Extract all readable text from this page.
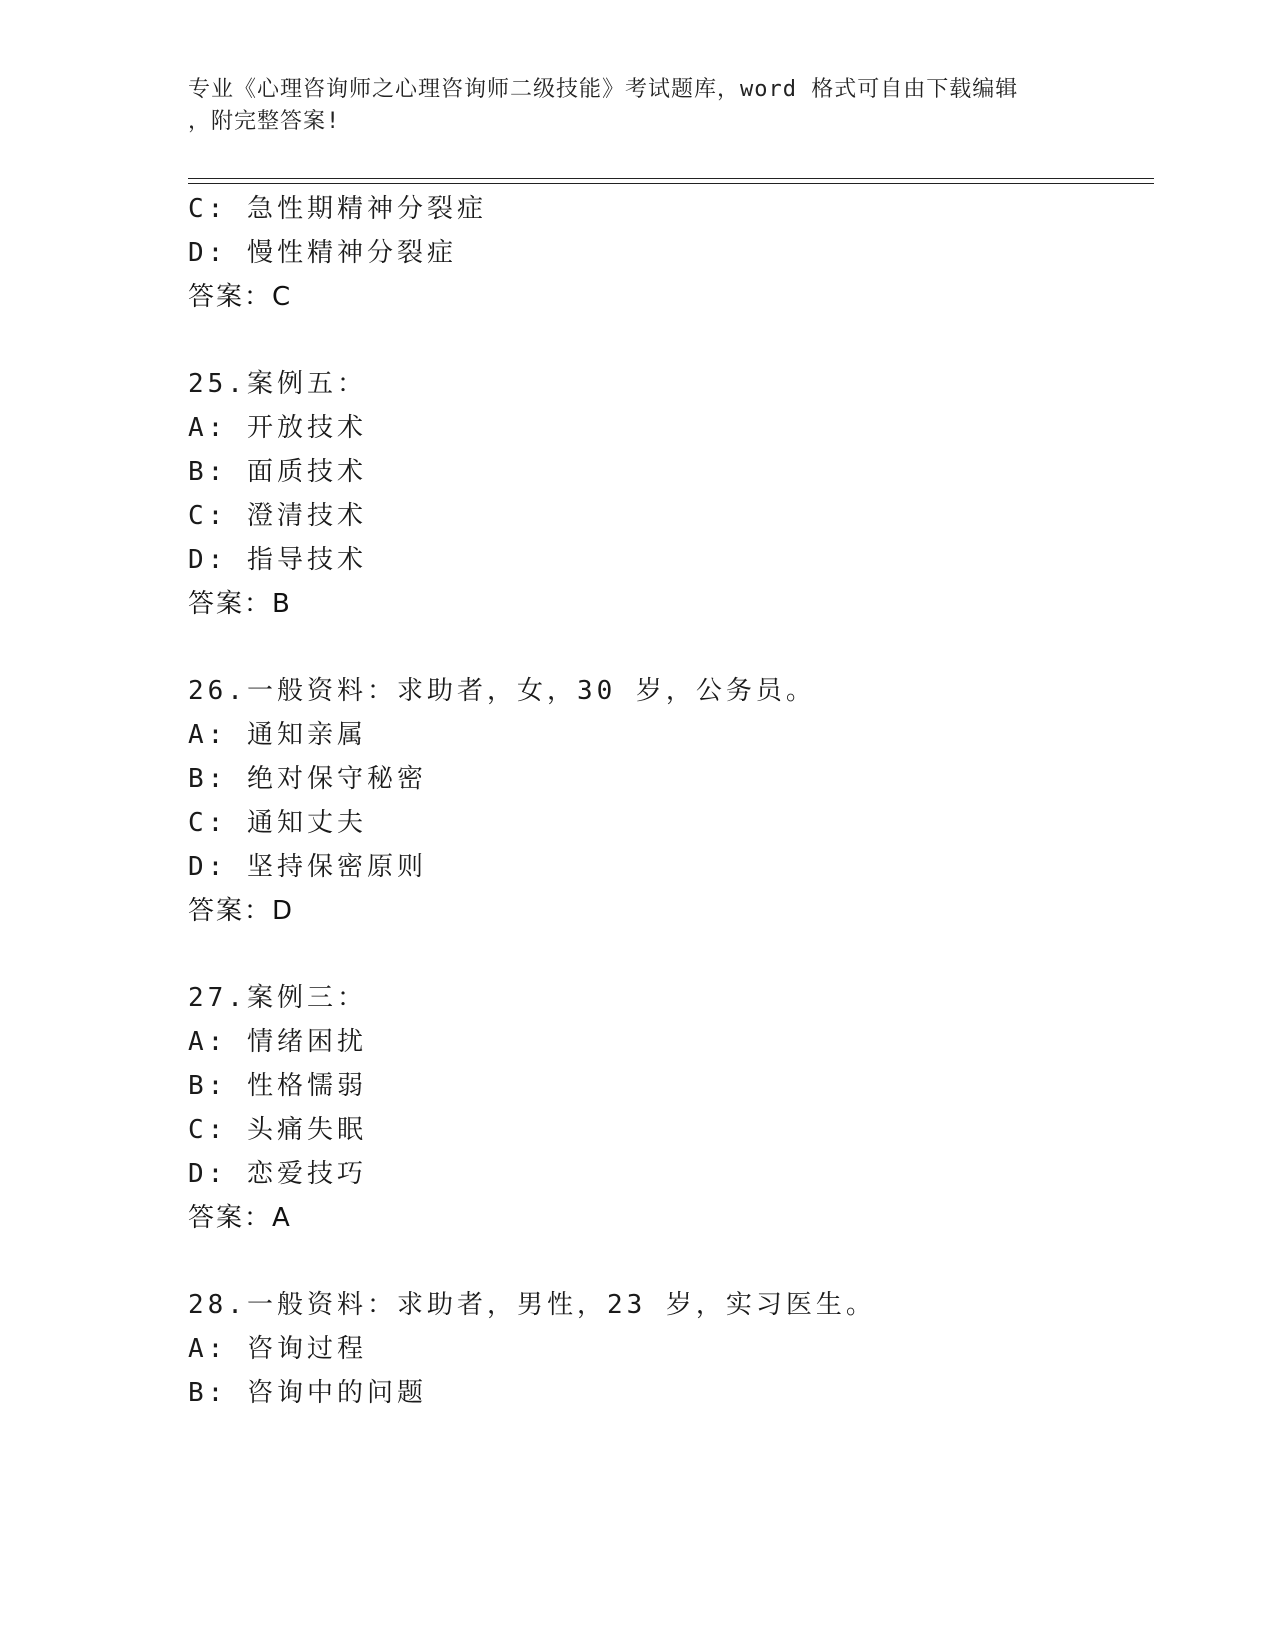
专业《心理咨询师之心理咨询师二级技能》考试题库，word 格式可自由下载编辑
，附完整答案!
C: 急性期精神分裂症
D: 慢性精神分裂症
答案：C
25.案例五：
A: 开放技术
B: 面质技术
C: 澄清技术
D: 指导技术
答案：B
26.一般资料：求助者，女，30 岁，公务员。
A: 通知亲属
B: 绝对保守秘密
C: 通知丈夫
D: 坚持保密原则
答案：D
27.案例三：
A: 情绪困扰
B: 性格懦弱
C: 头痛失眠
D: 恋爱技巧
答案：A
28.一般资料：求助者，男性，23 岁，实习医生。
A: 咨询过程
B: 咨询中的问题
